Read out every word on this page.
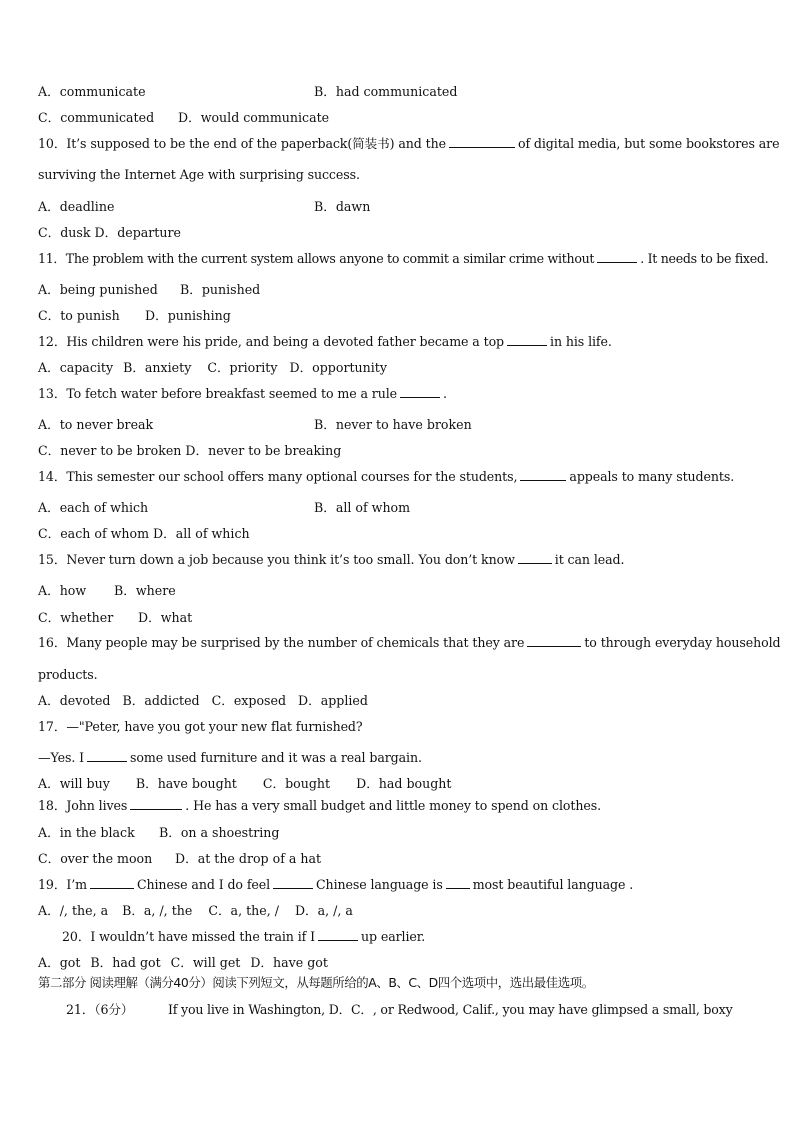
A．communicate	B．had communicated
C．communicated D．would communicate
10．It’s supposed to be the end of the paperback(简装书) and the	of digital media, but some bookstores are
surviving the Internet Age with surprising success.
A．deadline	B．dawn
C．dusk D．departure
11．The problem with the current system allows anyone to commit a similar crime without	. It needs to be fixed.
A．being punished B．punished
C．to punish D．punishing
12．His children were his pride, and being a devoted father became a top	in his life.
A．capacity B．anxiety C．priority D．opportunity
13．To fetch water before breakfast seemed to me a rule	.
A．to never break	B．never to have broken
C．never to be broken D．never to be breaking
14．This semester our school offers many optional courses for the students,	appeals to many students.
A．each of which	B．all of whom
C．each of whom D．all of which
15．Never turn down a job because you think it’s too small. You don’t know	it can lead.
A．how B．where
C．whether D．what
16．Many people may be surprised by the number of chemicals that they are	to through everyday household
products.
A．devoted B．addicted C．exposed D．applied
17．—"Peter, have you got your new flat furnished?
—Yes. I	some used furniture and it was a real bargain.
A．will buy B．have bought C．bought D．had bought
18．John lives	. He has a very small budget and little money to spend on clothes.
A．in the black B．on a shoestring
C．over the moon D．at the drop of a hat
19．I’m	Chinese and I do feel	Chinese language is most beautiful language .
A．/, the, a B．a, /, the C．a, the, / D．a, /, a
20．I wouldn’t have missed the train if I	up earlier.
A．got B．had got C．will get D．have got
第二部分 阅读理解（满分40分）阅读下列短文，从每题所给的A、B、C、D四个选项中，选出最佳选项。
21．（6分）	If you live in Washington, D．C．, or Redwood, Calif., you may have glimpsed a small, boxy
